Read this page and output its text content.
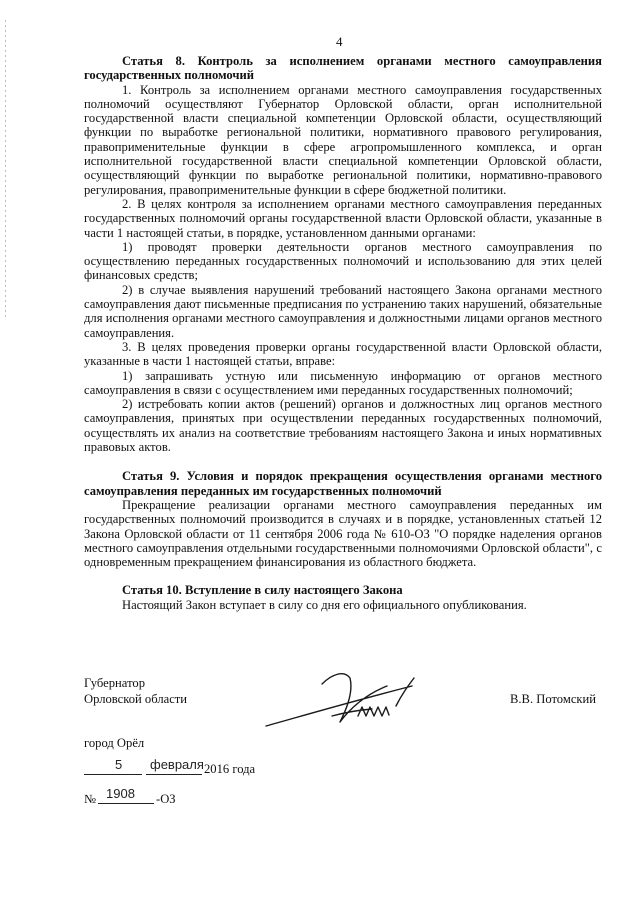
4

Статья 8. Контроль за исполнением органами местного самоуправления государственных полномочий

1. Контроль за исполнением органами местного самоуправления государственных полномочий осуществляют Губернатор Орловской области, орган исполнительной государственной власти специальной компетенции Орловской области, осуществляющий функции по выработке региональной политики, нормативного правового регулирования, правоприменительные функции в сфере агропромышленного комплекса, и орган исполнительной государственной власти специальной компетенции Орловской области, осуществляющий функции по выработке региональной политики, нормативно-правового регулирования, правоприменительные функции в сфере бюджетной политики.

2. В целях контроля за исполнением органами местного самоуправления переданных государственных полномочий органы государственной власти Орловской области, указанные в части 1 настоящей статьи, в порядке, установленном данными органами:

1) проводят проверки деятельности органов местного самоуправления по осуществлению переданных государственных полномочий и использованию для этих целей финансовых средств;

2) в случае выявления нарушений требований настоящего Закона органами местного самоуправления дают письменные предписания по устранению таких нарушений, обязательные для исполнения органами местного самоуправления и должностными лицами органов местного самоуправления.

3. В целях проведения проверки органы государственной власти Орловской области, указанные в части 1 настоящей статьи, вправе:

1) запрашивать устную или письменную информацию от органов местного самоуправления в связи с осуществлением ими переданных государственных полномочий;

2) истребовать копии актов (решений) органов и должностных лиц органов местного самоуправления, принятых при осуществлении переданных государственных полномочий, осуществлять их анализ на соответствие требованиям настоящего Закона и иных нормативных правовых актов.

Статья 9. Условия и порядок прекращения осуществления органами местного самоуправления переданных им государственных полномочий

Прекращение реализации органами местного самоуправления переданных им государственных полномочий производится в случаях и в порядке, установленных статьей 12 Закона Орловской области от 11 сентября 2006 года № 610-ОЗ "О порядке наделения органов местного самоуправления отдельными государственными полномочиями Орловской области", с одновременным прекращением финансирования из областного бюджета.

Статья 10. Вступление в силу настоящего Закона

Настоящий Закон вступает в силу со дня его официального опубликования.

Губернатор
Орловской области	В.В. Потомский
город Орёл
5 февраля 2016 года
№ 1908 -ОЗ
